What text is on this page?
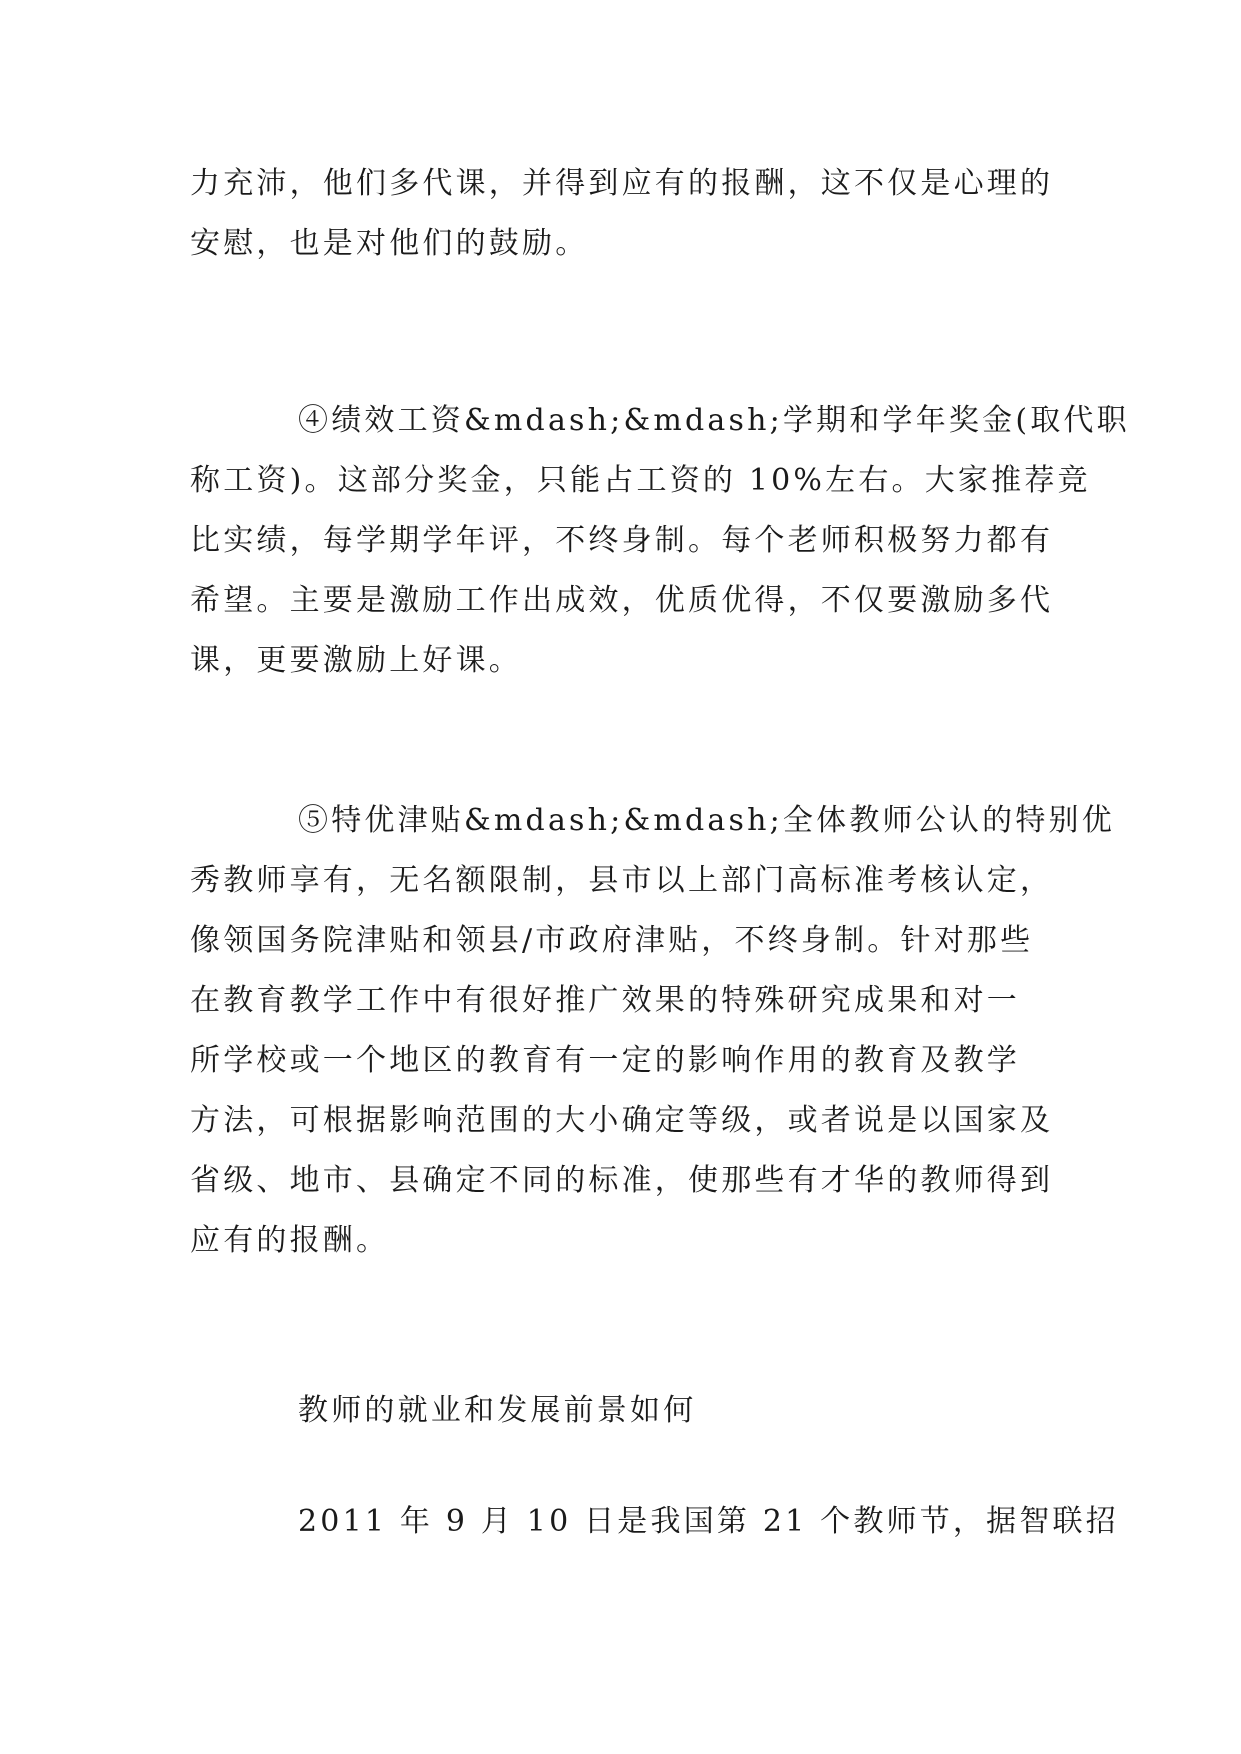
力充沛，他们多代课，并得到应有的报酬，这不仅是心理的
安慰，也是对他们的鼓励。
④绩效工资&mdash;&mdash;学期和学年奖金(取代职
称工资)。这部分奖金，只能占工资的 10%左右。大家推荐竞
比实绩，每学期学年评，不终身制。每个老师积极努力都有
希望。主要是激励工作出成效，优质优得，不仅要激励多代
课，更要激励上好课。
⑤特优津贴&mdash;&mdash;全体教师公认的特别优
秀教师享有，无名额限制，县市以上部门高标准考核认定，
像领国务院津贴和领县/市政府津贴，不终身制。针对那些
在教育教学工作中有很好推广效果的特殊研究成果和对一
所学校或一个地区的教育有一定的影响作用的教育及教学
方法，可根据影响范围的大小确定等级，或者说是以国家及
省级、地市、县确定不同的标准，使那些有才华的教师得到
应有的报酬。
教师的就业和发展前景如何
2011 年 9 月 10 日是我国第 21 个教师节，据智联招
